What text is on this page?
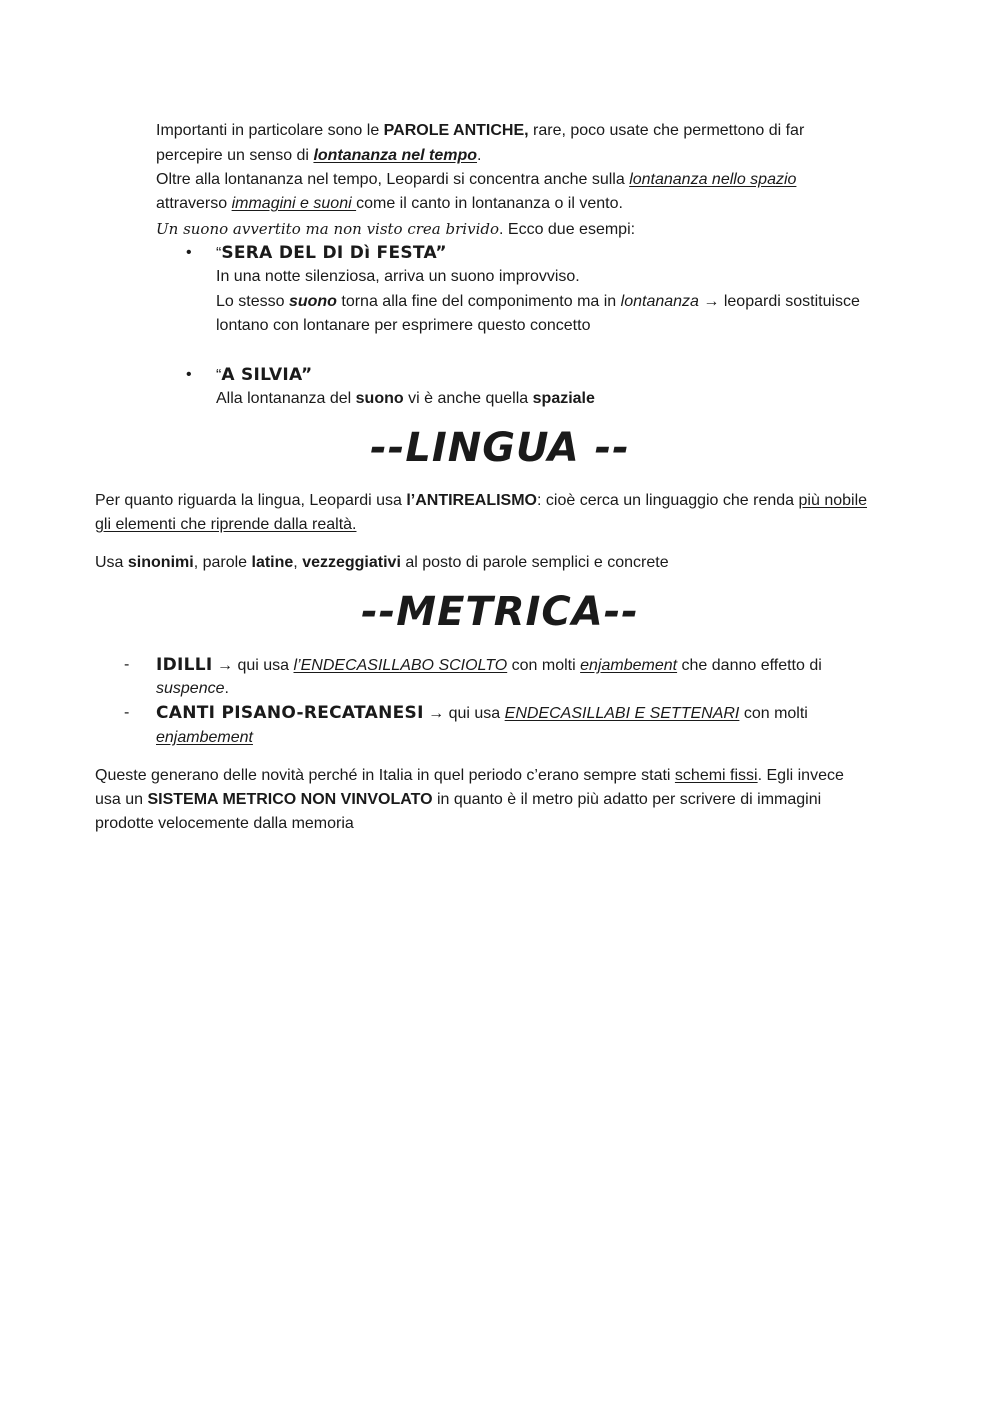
Importanti in particolare sono le PAROLE ANTICHE, rare, poco usate che permettono di far
percepire un senso di lontananza nel tempo.
Oltre alla lontananza nel tempo, Leopardi si concentra anche sulla lontananza nello spazio
attraverso immagini e suoni come il canto in lontananza o il vento.
Un suono avvertito ma non visto crea brivido. Ecco due esempi:
• “SERA DEL DI Dì FESTA”
In una notte silenziosa, arriva un suono improvviso.
Lo stesso suono torna alla fine del componimento ma in lontananza → leopardi sostituisce
lontano con lontanare per esprimere questo concetto
• “A SILVIA”
Alla lontananza del suono vi è anche quella spaziale
--LINGUA --
Per quanto riguarda la lingua, Leopardi usa l’ANTIREALISMO: cioè cerca un linguaggio che renda più nobile
gli elementi che riprende dalla realtà.
Usa sinonimi, parole latine, vezzeggiativi al posto di parole semplici e concrete
--METRICA--
- IDILLI → qui usa l’ENDECASILLABO SCIOLTO con molti enjambement che danno effetto di
suspence.
- CANTI PISANO-RECATANESI → qui usa ENDECASILLABI E SETTENARI con molti
enjambement
Queste generano delle novità perché in Italia in quel periodo c’erano sempre stati schemi fissi. Egli invece
usa un SISTEMA METRICO NON VINVOLATO in quanto è il metro più adatto per scrivere di immagini
prodotte velocemente dalla memoria
